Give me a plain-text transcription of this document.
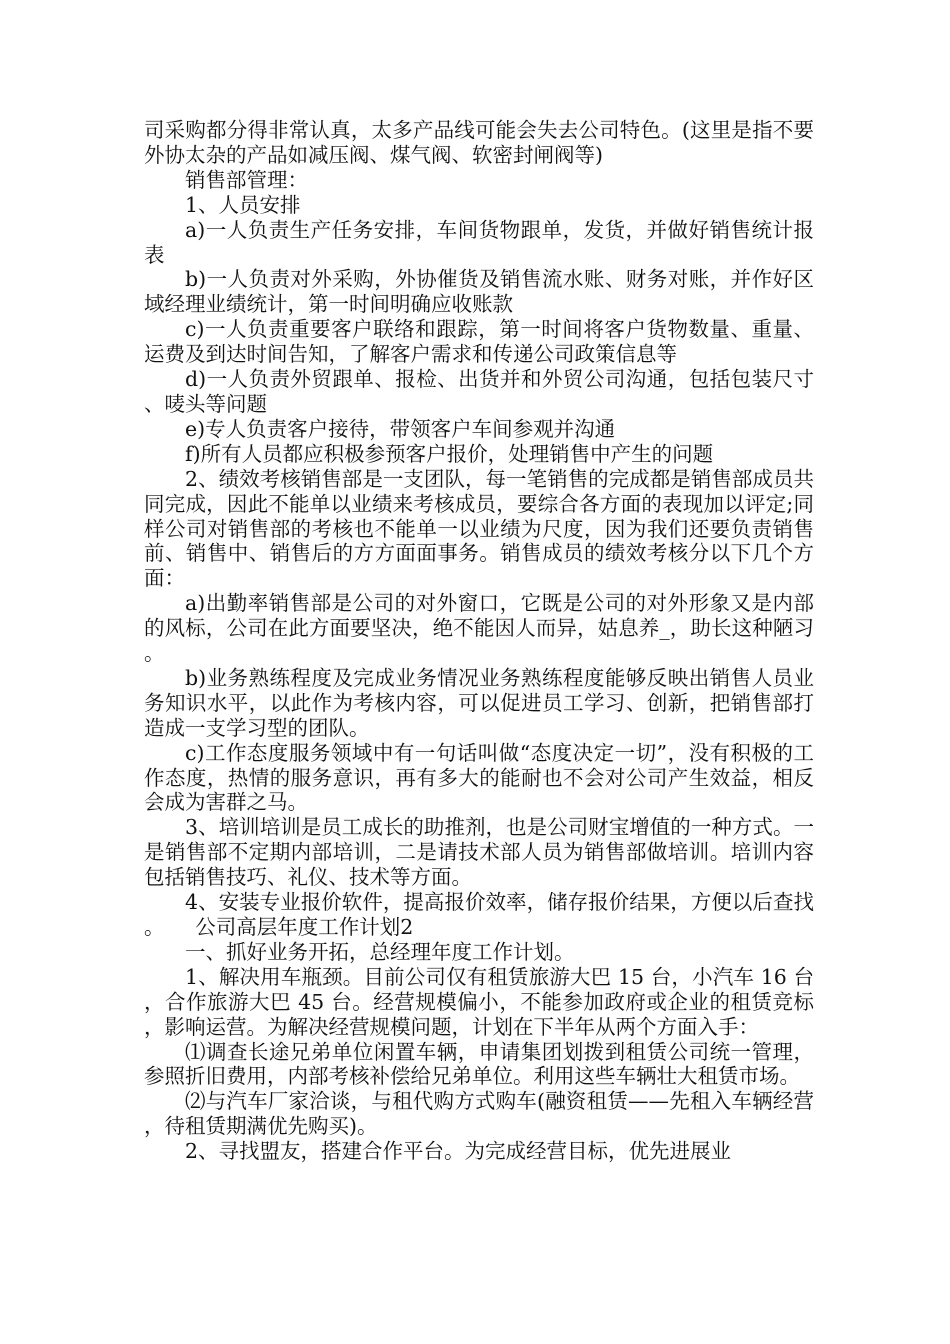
司采购都分得非常认真，太多产品线可能会失去公司特色。(这里是指不要外协太杂的产品如减压阀、煤气阀、软密封闸阀等)

销售部管理：

1、人员安排

a)一人负责生产任务安排，车间货物跟单，发货，并做好销售统计报表

b)一人负责对外采购，外协催货及销售流水账、财务对账，并作好区域经理业绩统计，第一时间明确应收账款

c)一人负责重要客户联络和跟踪，第一时间将客户货物数量、重量、运费及到达时间告知，了解客户需求和传递公司政策信息等

d)一人负责外贸跟单、报检、出货并和外贸公司沟通，包括包装尺寸、唛头等问题

e)专人负责客户接待，带领客户车间参观并沟通

f)所有人员都应积极参预客户报价，处理销售中产生的问题

2、绩效考核销售部是一支团队，每一笔销售的完成都是销售部成员共同完成，因此不能单以业绩来考核成员，要综合各方面的表现加以评定;同样公司对销售部的考核也不能单一以业绩为尺度，因为我们还要负责销售前、销售中、销售后的方方面面事务。销售成员的绩效考核分以下几个方面：

a)出勤率销售部是公司的对外窗口，它既是公司的对外形象又是内部的风标，公司在此方面要坚决，绝不能因人而异，姑息养_，助长这种陋习。

b)业务熟练程度及完成业务情况业务熟练程度能够反映出销售人员业务知识水平，以此作为考核内容，可以促进员工学习、创新，把销售部打造成一支学习型的团队。

c)工作态度服务领域中有一句话叫做“态度决定一切”，没有积极的工作态度，热情的服务意识，再有多大的能耐也不会对公司产生效益，相反会成为害群之马。

3、培训培训是员工成长的助推剂，也是公司财宝增值的一种方式。一是销售部不定期内部培训，二是请技术部人员为销售部做培训。培训内容包括销售技巧、礼仪、技术等方面。

4、安装专业报价软件，提高报价效率，储存报价结果，方便以后查找。 公司高层年度工作计划2

一、抓好业务开拓，总经理年度工作计划。

1、解决用车瓶颈。目前公司仅有租赁旅游大巴 15 台，小汽车 16 台，合作旅游大巴 45 台。经营规模偏小，不能参加政府或企业的租赁竞标，影响运营。为解决经营规模问题，计划在下半年从两个方面入手：

⑴调查长途兄弟单位闲置车辆，申请集团划拨到租赁公司统一管理，参照折旧费用，内部考核补偿给兄弟单位。利用这些车辆壮大租赁市场。

⑵与汽车厂家洽谈，与租代购方式购车(融资租赁——先租入车辆经营，待租赁期满优先购买)。

2、寻找盟友，搭建合作平台。为完成经营目标，优先进展业
